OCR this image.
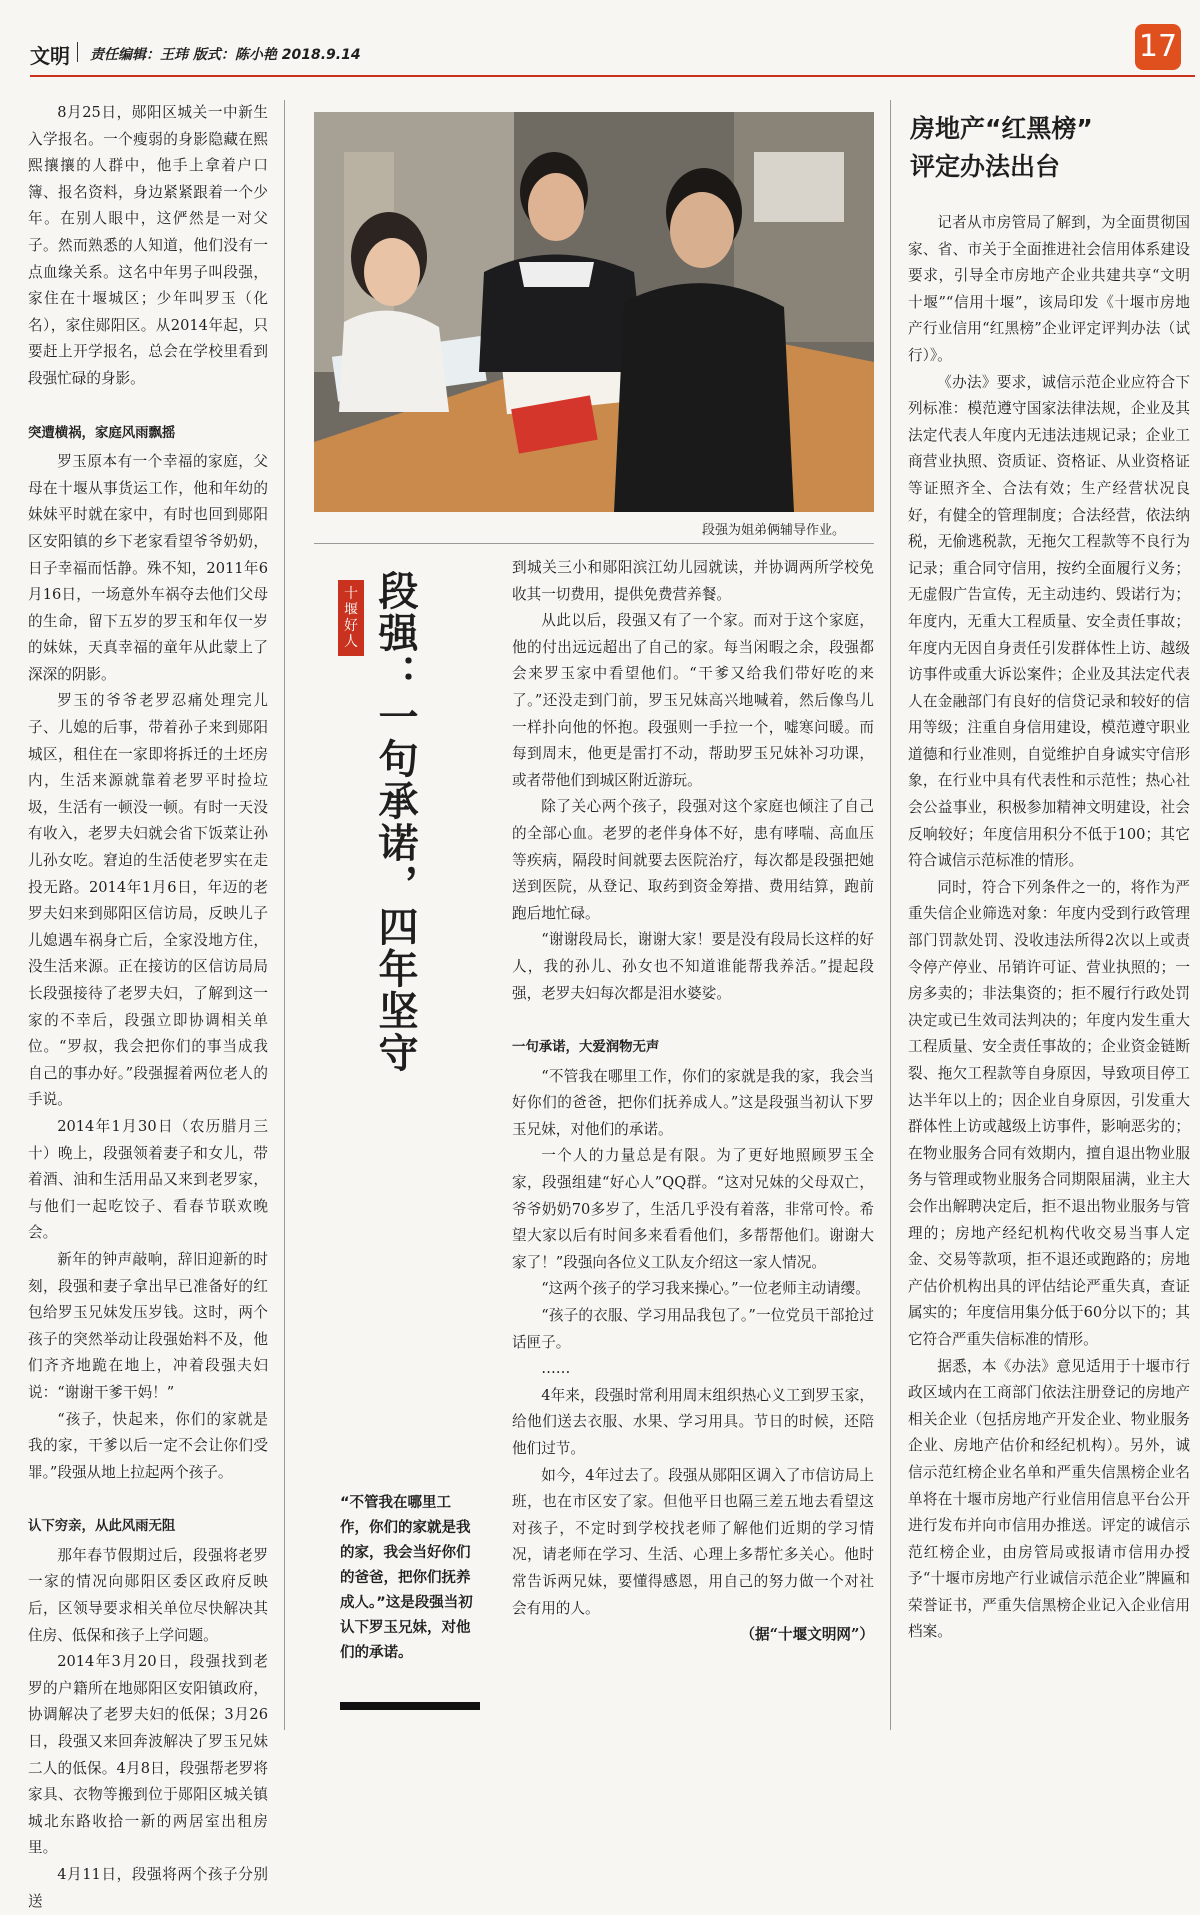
文明 责任编辑：王玮 版式：陈小艳 2018.9.14	17

8月25日，郧阳区城关一中新生入学报名。一个瘦弱的身影隐藏在熙熙攘攘的人群中，他手上拿着户口簿、报名资料，身边紧紧跟着一个少年。在别人眼中，这俨然是一对父子。然而熟悉的人知道，他们没有一点血缘关系。这名中年男子叫段强，家住在十堰城区；少年叫罗玉（化名），家住郧阳区。从2014年起，只要赶上开学报名，总会在学校里看到段强忙碌的身影。

突遭横祸，家庭风雨飘摇

罗玉原本有一个幸福的家庭，父母在十堰从事货运工作，他和年幼的妹妹平时就在家中，有时也回到郧阳区安阳镇的乡下老家看望爷爷奶奶，日子幸福而恬静。殊不知，2011年6月16日，一场意外车祸夺去他们父母的生命，留下五岁的罗玉和年仅一岁的妹妹，天真幸福的童年从此蒙上了深深的阴影。

罗玉的爷爷老罗忍痛处理完儿子、儿媳的后事，带着孙子来到郧阳城区，租住在一家即将拆迁的土坯房内，生活来源就靠着老罗平时捡垃圾，生活有一顿没一顿。有时一天没有收入，老罗夫妇就会省下饭菜让孙儿孙女吃。窘迫的生活使老罗实在走投无路。2014年1月6日，年迈的老罗夫妇来到郧阳区信访局，反映儿子儿媳遇车祸身亡后，全家没地方住，没生活来源。正在接访的区信访局局长段强接待了老罗夫妇，了解到这一家的不幸后，段强立即协调相关单位。“罗叔，我会把你们的事当成我自己的事办好。”段强握着两位老人的手说。

2014年1月30日（农历腊月三十）晚上，段强领着妻子和女儿，带着酒、油和生活用品又来到老罗家，与他们一起吃饺子、看春节联欢晚会。

新年的钟声敲响，辞旧迎新的时刻，段强和妻子拿出早已准备好的红包给罗玉兄妹发压岁钱。这时，两个孩子的突然举动让段强始料不及，他们齐齐地跪在地上，冲着段强夫妇说：“谢谢干爹干妈！”

“孩子，快起来，你们的家就是我的家，干爹以后一定不会让你们受罪。”段强从地上拉起两个孩子。

认下穷亲，从此风雨无阻

那年春节假期过后，段强将老罗一家的情况向郧阳区委区政府反映后，区领导要求相关单位尽快解决其住房、低保和孩子上学问题。

2014年3月20日，段强找到老罗的户籍所在地郧阳区安阳镇政府，协调解决了老罗夫妇的低保；3月26日，段强又来回奔波解决了罗玉兄妹二人的低保。4月8日，段强帮老罗将家具、衣物等搬到位于郧阳区城关镇城北东路收拾一新的两居室出租房里。

4月11日，段强将两个孩子分别送

段强为姐弟俩辅导作业。
十堰好人 段强：一句承诺，四年坚守
“不管我在哪里工作，你们的家就是我的家，我会当好你们的爸爸，把你们抚养成人。”这是段强当初认下罗玉兄妹，对他们的承诺。

到城关三小和郧阳滨江幼儿园就读，并协调两所学校免收其一切费用，提供免费营养餐。

从此以后，段强又有了一个家。而对于这个家庭，他的付出远远超出了自己的家。每当闲暇之余，段强都会来罗玉家中看望他们。“干爹又给我们带好吃的来了。”还没走到门前，罗玉兄妹高兴地喊着，然后像鸟儿一样扑向他的怀抱。段强则一手拉一个，嘘寒问暖。而每到周末，他更是雷打不动，帮助罗玉兄妹补习功课，或者带他们到城区附近游玩。

除了关心两个孩子，段强对这个家庭也倾注了自己的全部心血。老罗的老伴身体不好，患有哮喘、高血压等疾病，隔段时间就要去医院治疗，每次都是段强把她送到医院，从登记、取药到资金筹措、费用结算，跑前跑后地忙碌。

“谢谢段局长，谢谢大家！要是没有段局长这样的好人，我的孙儿、孙女也不知道谁能帮我养活。”提起段强，老罗夫妇每次都是泪水婆娑。

一句承诺，大爱润物无声

“不管我在哪里工作，你们的家就是我的家，我会当好你们的爸爸，把你们抚养成人。”这是段强当初认下罗玉兄妹，对他们的承诺。

一个人的力量总是有限。为了更好地照顾罗玉全家，段强组建“好心人”QQ群。“这对兄妹的父母双亡，爷爷奶奶70多岁了，生活几乎没有着落，非常可怜。希望大家以后有时间多来看看他们，多帮帮他们。谢谢大家了！”段强向各位义工队友介绍这一家人情况。

“这两个孩子的学习我来操心。”一位老师主动请缨。

“孩子的衣服、学习用品我包了。”一位党员干部抢过话匣子。

……

4年来，段强时常利用周末组织热心义工到罗玉家，给他们送去衣服、水果、学习用具。节日的时候，还陪他们过节。

如今，4年过去了。段强从郧阳区调入了市信访局上班，也在市区安了家。但他平日也隔三差五地去看望这对孩子，不定时到学校找老师了解他们近期的学习情况，请老师在学习、生活、心理上多帮忙多关心。他时常告诉两兄妹，要懂得感恩，用自己的努力做一个对社会有用的人。

（据“十堰文明网”）
房地产“红黑榜”
评定办法出台

记者从市房管局了解到，为全面贯彻国家、省、市关于全面推进社会信用体系建设要求，引导全市房地产企业共建共享“文明十堰”“信用十堰”，该局印发《十堰市房地产行业信用“红黑榜”企业评定评判办法（试行）》。

《办法》要求，诚信示范企业应符合下列标准：模范遵守国家法律法规，企业及其法定代表人年度内无违法违规记录；企业工商营业执照、资质证、资格证、从业资格证等证照齐全、合法有效；生产经营状况良好，有健全的管理制度；合法经营，依法纳税，无偷逃税款，无拖欠工程款等不良行为记录；重合同守信用，按约全面履行义务；无虚假广告宣传，无主动违约、毁诺行为；年度内，无重大工程质量、安全责任事故；年度内无因自身责任引发群体性上访、越级访事件或重大诉讼案件；企业及其法定代表人在金融部门有良好的信贷记录和较好的信用等级；注重自身信用建设，模范遵守职业道德和行业准则，自觉维护自身诚实守信形象，在行业中具有代表性和示范性；热心社会公益事业，积极参加精神文明建设，社会反响较好；年度信用积分不低于100；其它符合诚信示范标准的情形。

同时，符合下列条件之一的，将作为严重失信企业筛选对象：年度内受到行政管理部门罚款处罚、没收违法所得2次以上或责令停产停业、吊销许可证、营业执照的；一房多卖的；非法集资的；拒不履行行政处罚决定或已生效司法判决的；年度内发生重大工程质量、安全责任事故的；企业资金链断裂、拖欠工程款等自身原因，导致项目停工达半年以上的；因企业自身原因，引发重大群体性上访或越级上访事件，影响恶劣的；在物业服务合同有效期内，擅自退出物业服务与管理或物业服务合同期限届满，业主大会作出解聘决定后，拒不退出物业服务与管理的；房地产经纪机构代收交易当事人定金、交易等款项，拒不退还或跑路的；房地产估价机构出具的评估结论严重失真，查证属实的；年度信用集分低于60分以下的；其它符合严重失信标准的情形。

据悉，本《办法》意见适用于十堰市行政区域内在工商部门依法注册登记的房地产相关企业（包括房地产开发企业、物业服务企业、房地产估价和经纪机构）。另外，诚信示范红榜企业名单和严重失信黑榜企业名单将在十堰市房地产行业信用信息平台公开进行发布并向市信用办推送。评定的诚信示范红榜企业，由房管局或报请市信用办授予“十堰市房地产行业诚信示范企业”牌匾和荣誉证书，严重失信黑榜企业记入企业信用档案。
